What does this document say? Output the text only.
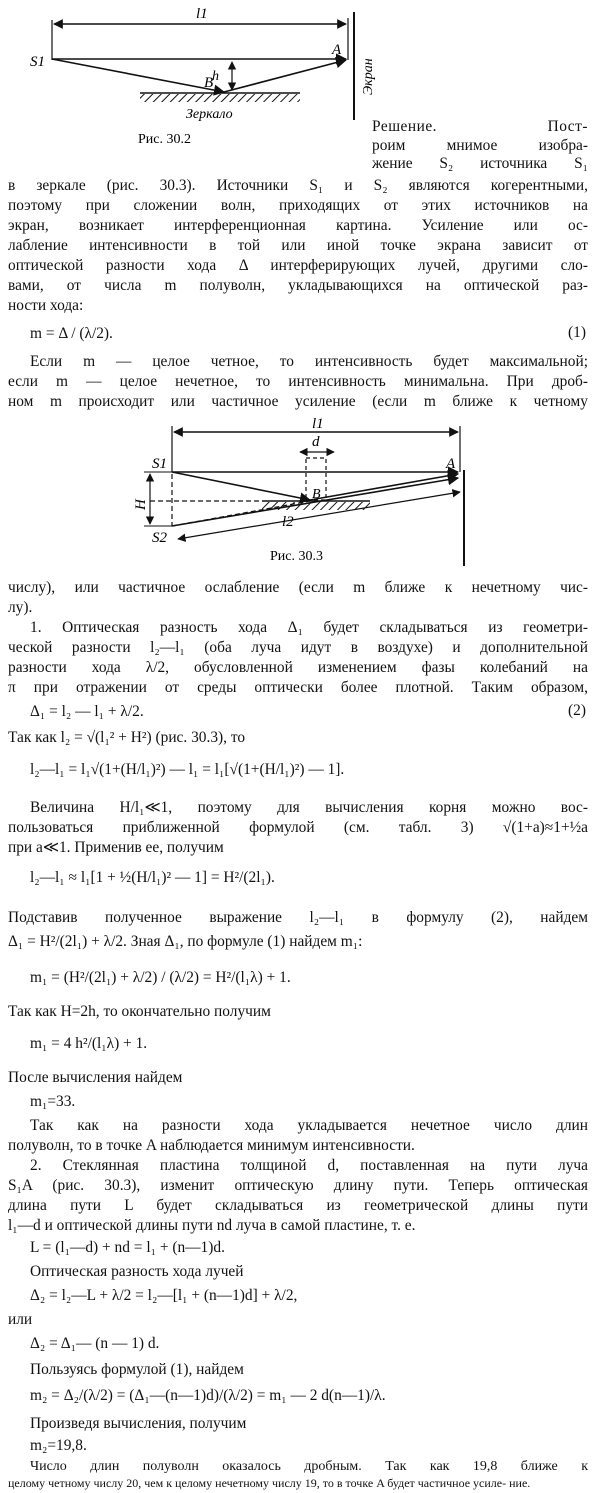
l1
S1
A
B
h	Экран
Зеркало
Рис. 30.2
Решение. Пост-
роим мнимое изобра-
жение S₂ источника S₁
в зеркале (рис. 30.3). Источники S₁ и S₂ являются когерентными,
поэтому при сложении волн, приходящих от этих источников на
экран, возникает интерференционная картина. Усиление или ос-
лабление интенсивности в той или иной точке экрана зависит от
оптической разности хода Δ интерферирующих лучей, другими сло-
вами, от числа m полуволн, укладывающихся на оптической раз-
ности хода:
m = Δ / (λ/2).	(1)
Если m — целое четное, то интенсивность будет максимальной;
если m — целое нечетное, то интенсивность минимальна. При дроб-
ном m происходит или частичное усиление (если m ближе к четному
l1
d
S1	A
B
H
l2
S2
Рис. 30.3
числу), или частичное ослабление (если m ближе к нечетному чис-
лу).
1. Оптическая разность хода Δ₁ будет складываться из геометри-
ческой разности l₂—l₁ (оба луча идут в воздухе) и дополнительной
разности хода λ/2, обусловленной изменением фазы колебаний на
π при отражении от среды оптически более плотной. Таким образом,
Δ₁ = l₂ — l₁ + λ/2.	(2)
Так как l₂ = √(l₁² + H²) (рис. 30.3), то
l₂—l₁ = l₁√(1+(H/l₁)²) — l₁ = l₁[√(1+(H/l₁)²) — 1].
Величина H/l₁≪1, поэтому для вычисления корня можно вос-
пользоваться приближенной формулой (см. табл. 3) √(1+a)≈1+½a
при a≪1. Применив ее, получим
l₂—l₁ ≈ l₁[1 + ½(H/l₁)² — 1] = H²/(2l₁).
Подставив полученное выражение l₂—l₁ в формулу (2), найдем
Δ₁ = H²/(2l₁) + λ/2. Зная Δ₁, по формуле (1) найдем m₁:
m₁ = (H²/(2l₁) + λ/2) / (λ/2) = H²/(l₁λ) + 1.
Так как H=2h, то окончательно получим
m₁ = 4 h²/(l₁λ) + 1.
После вычисления найдем
m₁=33.
Так как на разности хода укладывается нечетное число длин
полуволн, то в точке A наблюдается минимум интенсивности.
2. Стеклянная пластина толщиной d, поставленная на пути луча
S₁A (рис. 30.3), изменит оптическую длину пути. Теперь оптическая
длина пути L будет складываться из геометрической длины пути
l₁—d и оптической длины пути nd луча в самой пластине, т. е.
L = (l₁—d) + nd = l₁ + (n—1)d.
Оптическая разность хода лучей
Δ₂ = l₂—L + λ/2 = l₂—[l₁ + (n—1)d] + λ/2,
или
Δ₂ = Δ₁— (n — 1) d.
Пользуясь формулой (1), найдем
m₂ = Δ₂/(λ/2) = (Δ₁—(n—1)d)/(λ/2) = m₁ — 2 d(n—1)/λ.
Произведя вычисления, получим
m₂=19,8.
Число длин полуволн оказалось дробным. Так как 19,8 ближе к
целому четному числу 20, чем к целому нечетному числу 19, то в точке A будет частичное усиле- ние.
